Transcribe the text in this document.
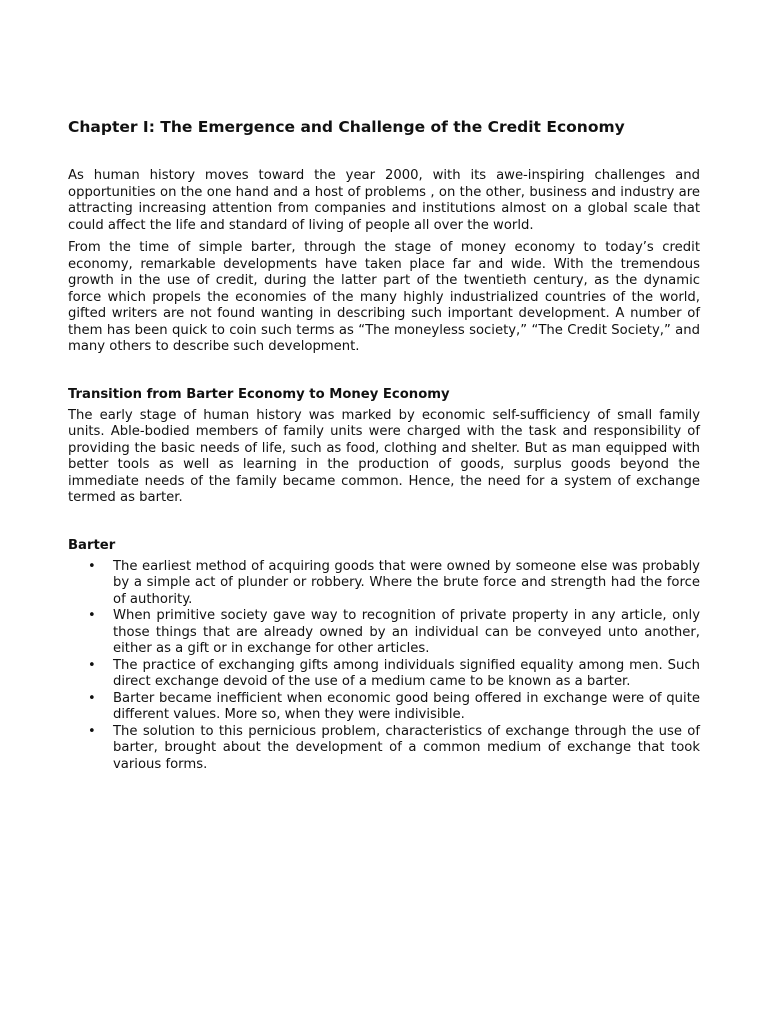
Chapter I: The Emergence and Challenge of the Credit Economy

As human history moves toward the year 2000, with its awe-inspiring challenges and opportunities on the one hand and a host of problems , on the other, business and industry are attracting increasing attention from companies and institutions almost on a global scale that could affect the life and standard of living of people all over the world.

From the time of simple barter, through the stage of money economy to today’s credit economy, remarkable developments have taken place far and wide. With the tremendous growth in the use of credit, during the latter part of the twentieth century, as the dynamic force which propels the economies of the many highly industrialized countries of the world, gifted writers are not found wanting in describing such important development. A number of them has been quick to coin such terms as “The moneyless society,” “The Credit Society,” and many others to describe such development.

Transition from Barter Economy to Money Economy

The early stage of human history was marked by economic self-sufficiency of small family units. Able-bodied members of family units were charged with the task and responsibility of providing the basic needs of life, such as food, clothing and shelter. But as man equipped with better tools as well as learning in the production of goods, surplus goods beyond the immediate needs of the family became common. Hence, the need for a system of exchange termed as barter.

Barter
• The earliest method of acquiring goods that were owned by someone else was probably by a simple act of plunder or robbery. Where the brute force and strength had the force of authority.
• When primitive society gave way to recognition of private property in any article, only those things that are already owned by an individual can be conveyed unto another, either as a gift or in exchange for other articles.
• The practice of exchanging gifts among individuals signified equality among men. Such direct exchange devoid of the use of a medium came to be known as a barter.
• Barter became inefficient when economic good being offered in exchange were of quite different values. More so, when they were indivisible.
• The solution to this pernicious problem, characteristics of exchange through the use of barter, brought about the development of a common medium of exchange that took various forms.
